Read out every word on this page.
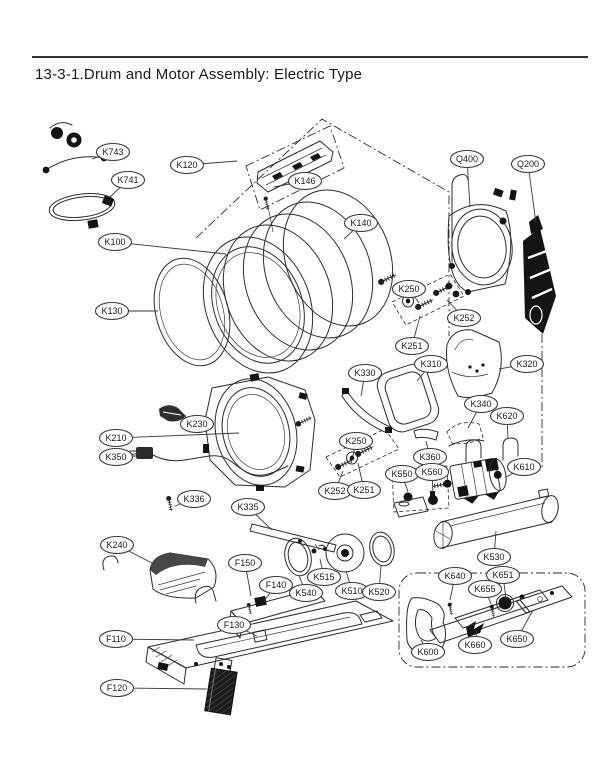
13-3-1.Drum and Motor Assembly: Electric Type
K743
K741
K120
K146
K140
K100
K130
Q400	Q200
K250
K252
K251
K310	K320
K330
K340
K620
K230
K210
K350
K250
K360
K550 K560
K252 K251
K610
K336
K335
K240
F150
F140
K515
K540	K510 K520
K530
K640	K651
K655
K650
K660
K600
F130
F110
F120
